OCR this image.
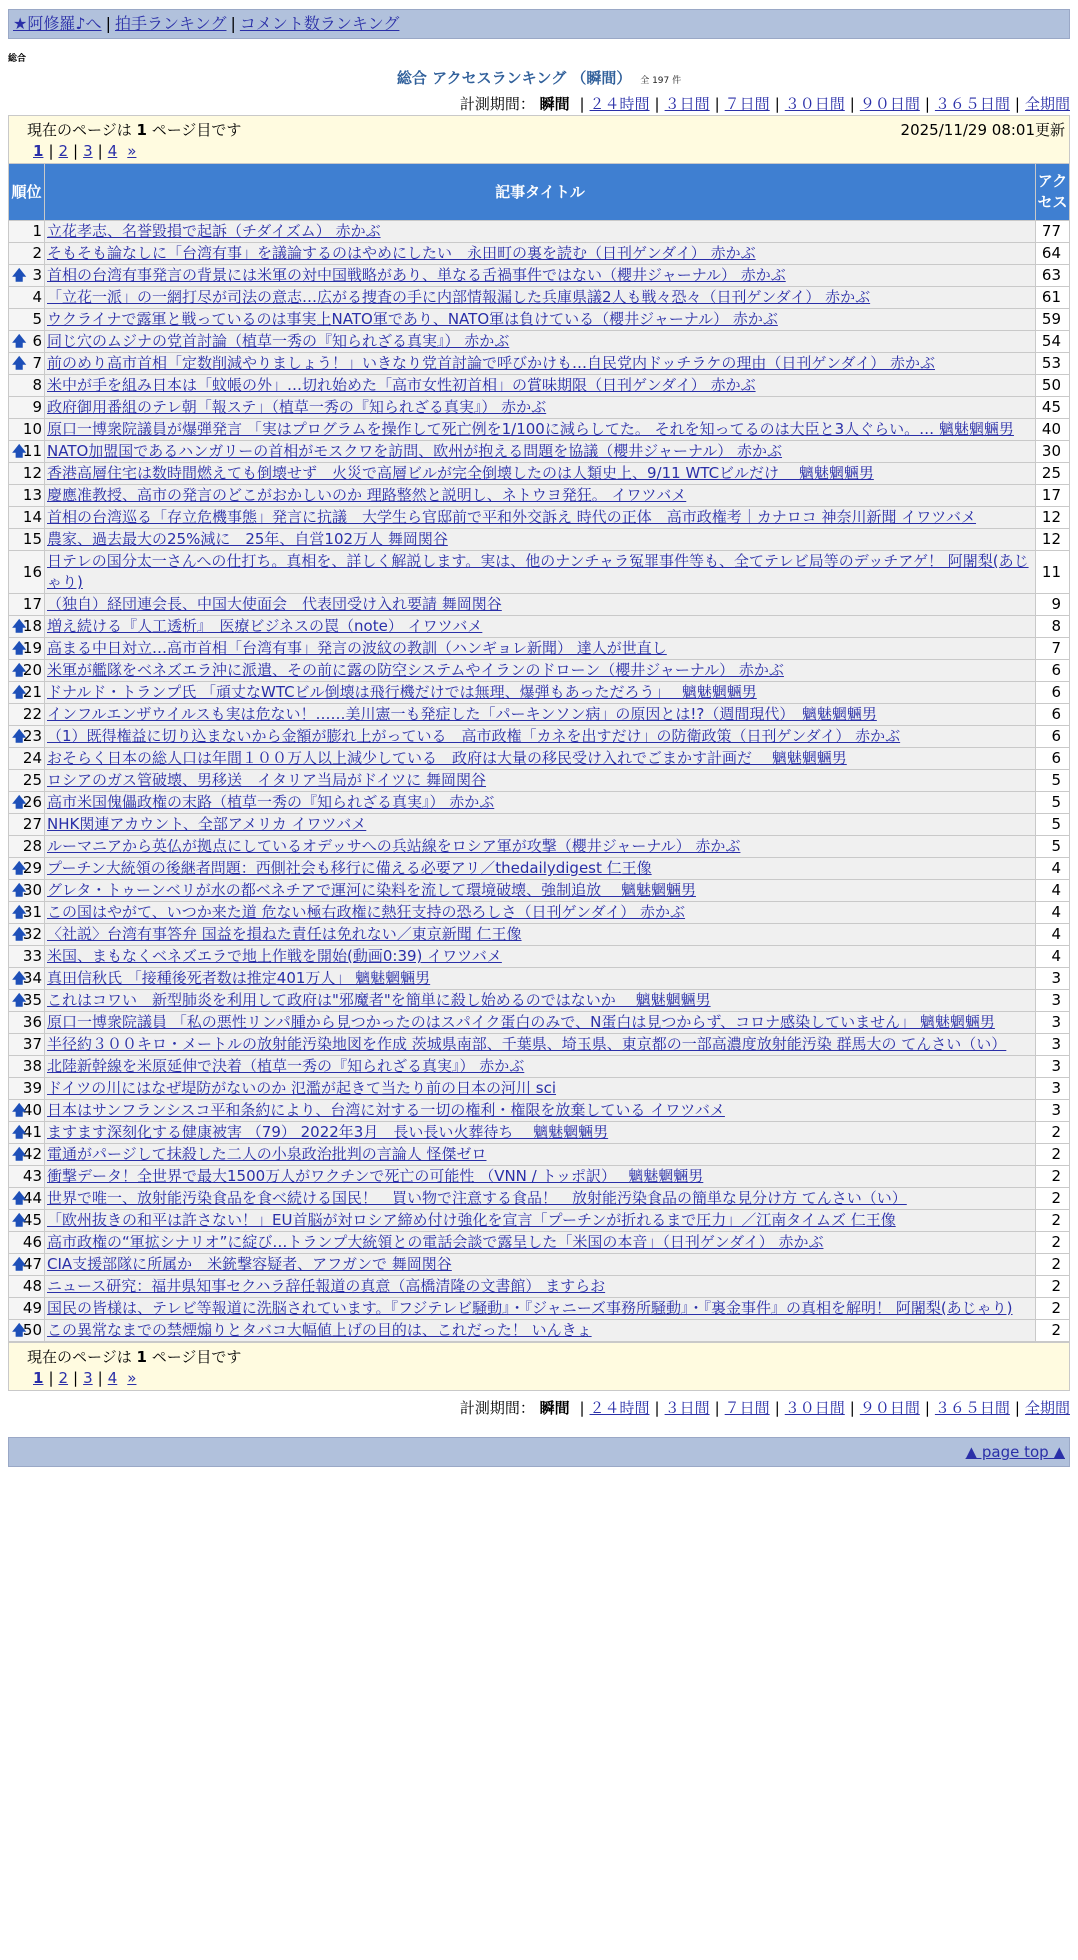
★阿修羅♪へ | 拍手ランキング | コメント数ランキング
総合
総合 アクセスランキング （瞬間） 全 197 件
計測期間： 瞬間 | ２４時間 | ３日間 | ７日間 | ３０日間 | ９０日間 | ３６５日間 | 全期間
現在のページは 1 ページ目です	2025/11/29 08:01更新
1 | 2 | 3 | 4 »
順位	記事タイトル	アクセス
1	立花孝志、名誉毀損で起訴（チダイズム） 赤かぶ	77
2	そもそも論なしに「台湾有事」を議論するのはやめにしたい　永田町の裏を読む（日刊ゲンダイ） 赤かぶ	64

🡅 3	首相の台湾有事発言の背景には米軍の対中国戦略があり、単なる舌禍事件ではない（櫻井ジャーナル） 赤かぶ	63
4	「立花一派」の一網打尽が司法の意志…広がる捜査の手に内部情報漏した兵庫県議2人も戦々恐々（日刊ゲンダイ） 赤かぶ	61
5	ウクライナで露軍と戦っているのは事実上NATO軍であり、NATO軍は負けている（櫻井ジャーナル） 赤かぶ	59

🡅 6	同じ穴のムジナの党首討論（植草一秀の『知られざる真実』） 赤かぶ	54

🡅 7	前のめり高市首相「定数削減やりましょう！」いきなり党首討論で呼びかけも…自民党内ドッチラケの理由（日刊ゲンダイ） 赤かぶ	53
8	米中が手を組み日本は「蚊帳の外」…切れ始めた「高市女性初首相」の賞味期限（日刊ゲンダイ） 赤かぶ	50
9	政府御用番組のテレ朝「報ステ」（植草一秀の『知られざる真実』） 赤かぶ	45
10	原口一博衆院議員が爆弾発言 「実はプログラムを操作して死亡例を1/100に減らしてた。 それを知ってるのは大臣と3人ぐらい。… 魑魅魍魎男	40

🡅
11	NATO加盟国であるハンガリーの首相がモスクワを訪問、欧州が抱える問題を協議（櫻井ジャーナル） 赤かぶ	30
12	香港高層住宅は数時間燃えても倒壊せず　火災で高層ビルが完全倒壊したのは人類史上、9/11 WTCビルだけ　 魑魅魍魎男	25
13	慶應准教授、高市の発言のどこがおかしいのか 理路整然と説明し、ネトウヨ発狂。 イワツバメ	17
14	首相の台湾巡る「存立危機事態」発言に抗議　大学生ら官邸前で平和外交訴え 時代の正体　高市政権考｜カナロコ 神奈川新聞 イワツバメ	12
15	農家、過去最大の25%減に　25年、自営102万人 舞岡関谷	12
16	日テレの国分太一さんへの仕打ち。真相を、詳しく解説します。実は、他のナンチャラ冤罪事件等も、全てテレビ局等のデッチアゲ！ 阿闍梨(あじゃり)	11
17	（独自）経団連会長、中国大使面会　代表団受け入れ要請 舞岡関谷	9

🡅
18	増え続ける『人工透析』　医療ビジネスの罠（note） イワツバメ	8

🡅
19	高まる中日対立…高市首相「台湾有事」発言の波紋の教訓（ハンギョレ新聞） 達人が世直し	7

🡅
20	米軍が艦隊をベネズエラ沖に派遣、その前に露の防空システムやイランのドローン（櫻井ジャーナル） 赤かぶ	6

🡅
21	ドナルド・トランプ氏 「頑丈なWTCビル倒壊は飛行機だけでは無理、爆弾もあっただろう」　 魑魅魍魎男	6
22	インフルエンザウイルスも実は危ない！……美川憲一も発症した「パーキンソン病」の原因とは!?（週間現代）　魑魅魍魎男	6

🡅
23	（1）既得権益に切り込まないから金額が膨れ上がっている　高市政権「カネを出すだけ」の防衛政策（日刊ゲンダイ） 赤かぶ	6
24	おそらく日本の総人口は年間１００万人以上減少している　政府は大量の移民受け入れでごまかす計画だ　 魑魅魍魎男	6
25	ロシアのガス管破壊、男移送　イタリア当局がドイツに 舞岡関谷	5

🡅
26	高市米国傀儡政権の末路（植草一秀の『知られざる真実』） 赤かぶ	5
27	NHK関連アカウント、全部アメリカ イワツバメ	5
28	ルーマニアから英仏が拠点にしているオデッサへの兵站線をロシア軍が攻撃（櫻井ジャーナル） 赤かぶ	5

🡅
29	プーチン大統領の後継者問題：西側社会も移行に備える必要アリ／thedailydigest 仁王像	4

🡅
30	グレタ・トゥーンベリが水の都ベネチアで運河に染料を流して環境破壊、強制追放　 魑魅魍魎男	4

🡅
31	この国はやがて、いつか来た道 危ない極右政権に熱狂支持の恐ろしさ（日刊ゲンダイ） 赤かぶ	4

🡅
32	〈社説〉台湾有事答弁 国益を損ねた責任は免れない／東京新聞 仁王像	4
33	米国、まもなくベネズエラで地上作戦を開始(動画0:39) イワツバメ	4

🡅
34	真田信秋氏 「接種後死者数は推定401万人」 魑魅魍魎男	3

🡅
35	これはコワい　新型肺炎を利用して政府は"邪魔者"を簡単に殺し始めるのではないか　 魑魅魍魎男	3
36	原口一博衆院議員 「私の悪性リンパ腫から見つかったのはスパイク蛋白のみで、N蛋白は見つからず、コロナ感染していません」 魑魅魍魎男	3
37	半径約３００キロ・メートルの放射能汚染地図を作成 茨城県南部、千葉県、埼玉県、東京都の一部高濃度放射能汚染 群馬大の てんさい（い）	3
38	北陸新幹線を米原延伸で決着（植草一秀の『知られざる真実』） 赤かぶ	3
39	ドイツの川にはなぜ堤防がないのか 氾濫が起きて当たり前の日本の河川 sci	3

🡅
40	日本はサンフランシスコ平和条約により、台湾に対する一切の権利・権限を放棄している イワツバメ	3

🡅
41	ますます深刻化する健康被害 （79） 2022年3月　長い長い火葬待ち　 魑魅魍魎男	2

🡅
42	電通がパージして抹殺した二人の小泉政治批判の言論人 怪傑ゼロ	2
43	衝撃データ！全世界で最大1500万人がワクチンで死亡の可能性 （VNN / トッポ訳）　 魑魅魍魎男	2

🡅
44	世界で唯一、放射能汚染食品を食べ続ける国民！　買い物で注意する食品！　放射能汚染食品の簡単な見分け方 てんさい（い）	2

🡅
45	「欧州抜きの和平は許さない！」EU首脳が対ロシア締め付け強化を宣言「プーチンが折れるまで圧力」／江南タイムズ 仁王像	2
46	高市政権の“軍拡シナリオ”に綻び…トランプ大統領との電話会談で露呈した「米国の本音」（日刊ゲンダイ） 赤かぶ	2

🡅
47	CIA支援部隊に所属か　米銃撃容疑者、アフガンで 舞岡関谷	2
48	ニュース研究：福井県知事セクハラ辞任報道の真意（高橋清隆の文書館） ますらお	2
49	国民の皆様は、テレビ等報道に洗脳されています。『フジテレビ騒動』・『ジャニーズ事務所騒動』・『裏金事件』の真相を解明！ 阿闍梨(あじゃり)	2

🡅
50	この異常なまでの禁煙煽りとタバコ大幅値上げの目的は、これだった！ いんきょ	2
現在のページは 1 ページ目です
1 | 2 | 3 | 4 »
計測期間： 瞬間 | ２４時間 | ３日間 | ７日間 | ３０日間 | ９０日間 | ３６５日間 | 全期間
▲ page top ▲
